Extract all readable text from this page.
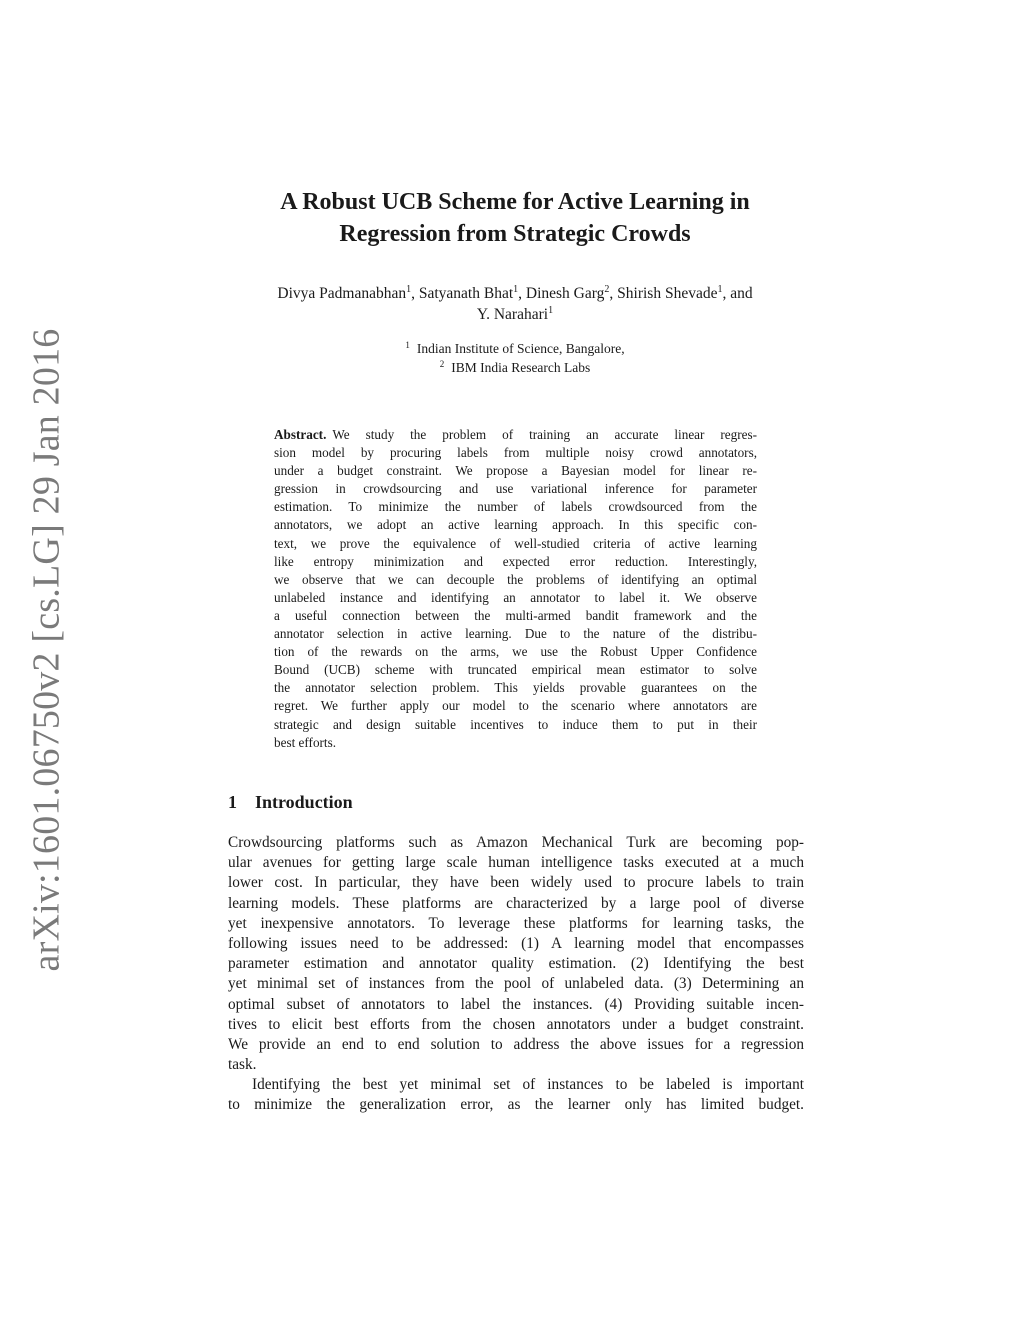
arXiv:1601.06750v2 [cs.LG] 29 Jan 2016
A Robust UCB Scheme for Active Learning in
Regression from Strategic Crowds
Divya Padmanabhan$^1$, Satyanath Bhat$^1$, Dinesh Garg$^2$, Shirish Shevade$^1$, and
Y. Narahari$^1$
$^1$ Indian Institute of Science, Bangalore,
$^2$ IBM India Research Labs
Abstract. We study the problem of training an accurate linear regres-
sion model by procuring labels from multiple noisy crowd annotators,
under a budget constraint. We propose a Bayesian model for linear re-
gression in crowdsourcing and use variational inference for parameter
estimation. To minimize the number of labels crowdsourced from the
annotators, we adopt an active learning approach. In this specific con-
text, we prove the equivalence of well-studied criteria of active learning
like entropy minimization and expected error reduction. Interestingly,
we observe that we can decouple the problems of identifying an optimal
unlabeled instance and identifying an annotator to label it. We observe
a useful connection between the multi-armed bandit framework and the
annotator selection in active learning. Due to the nature of the distribu-
tion of the rewards on the arms, we use the Robust Upper Confidence
Bound (UCB) scheme with truncated empirical mean estimator to solve
the annotator selection problem. This yields provable guarantees on the
regret. We further apply our model to the scenario where annotators are
strategic and design suitable incentives to induce them to put in their
best efforts.
1 Introduction
Crowdsourcing platforms such as Amazon Mechanical Turk are becoming pop-
ular avenues for getting large scale human intelligence tasks executed at a much
lower cost. In particular, they have been widely used to procure labels to train
learning models. These platforms are characterized by a large pool of diverse
yet inexpensive annotators. To leverage these platforms for learning tasks, the
following issues need to be addressed: (1) A learning model that encompasses
parameter estimation and annotator quality estimation. (2) Identifying the best
yet minimal set of instances from the pool of unlabeled data. (3) Determining an
optimal subset of annotators to label the instances. (4) Providing suitable incen-
tives to elicit best efforts from the chosen annotators under a budget constraint.
We provide an end to end solution to address the above issues for a regression
task.
Identifying the best yet minimal set of instances to be labeled is important
to minimize the generalization error, as the learner only has limited budget.
